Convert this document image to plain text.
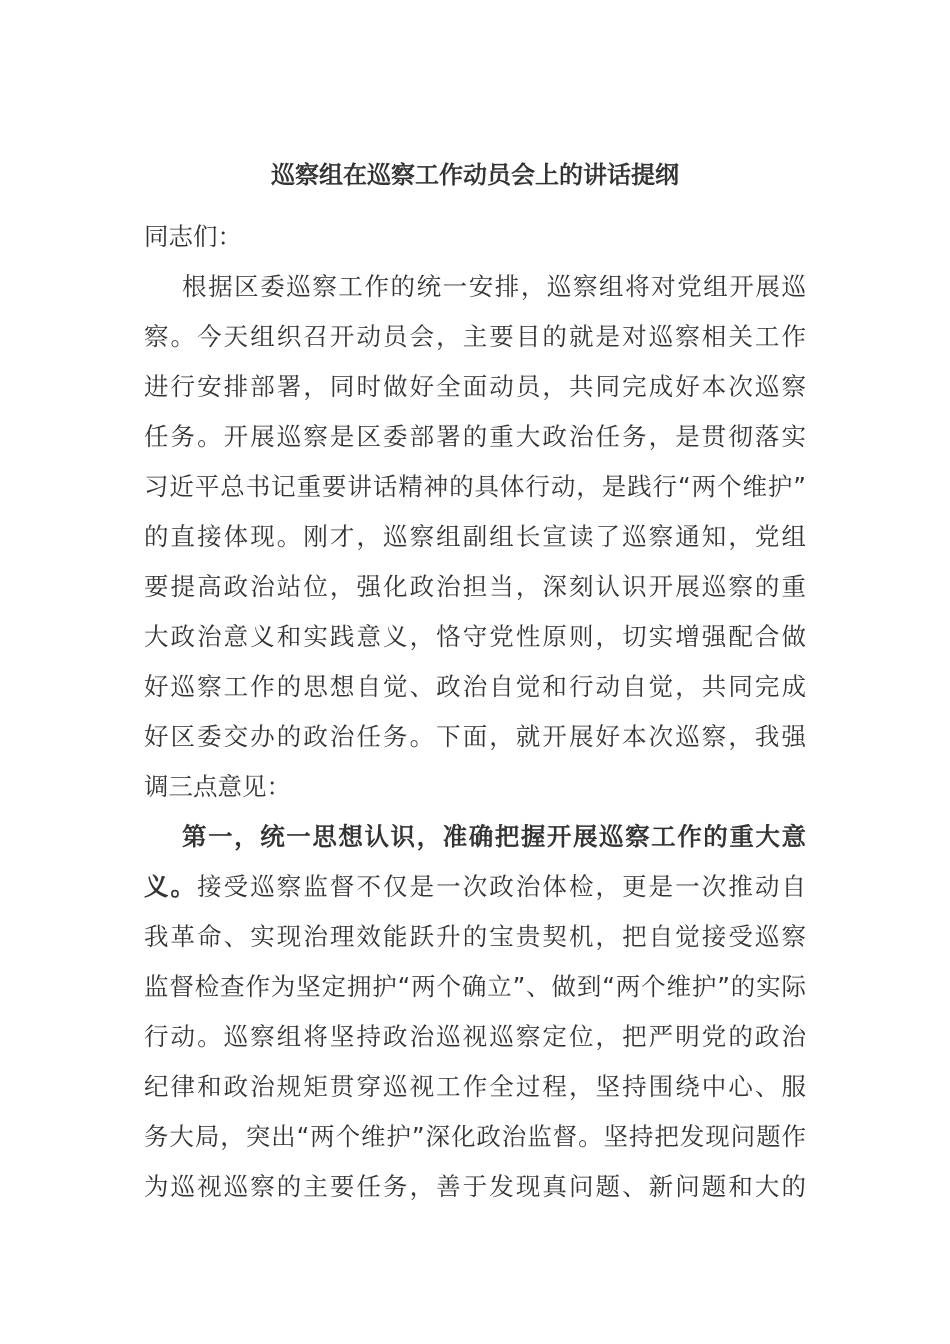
巡察组在巡察工作动员会上的讲话提纲
同志们：
根据区委巡察工作的统一安排，巡察组将对党组开展巡
察。今天组织召开动员会，主要目的就是对巡察相关工作
进行安排部署，同时做好全面动员，共同完成好本次巡察
任务。开展巡察是区委部署的重大政治任务，是贯彻落实
习近平总书记重要讲话精神的具体行动，是践行“两个维护”
的直接体现。刚才，巡察组副组长宣读了巡察通知，党组
要提高政治站位，强化政治担当，深刻认识开展巡察的重
大政治意义和实践意义，恪守党性原则，切实增强配合做
好巡察工作的思想自觉、政治自觉和行动自觉，共同完成
好区委交办的政治任务。下面，就开展好本次巡察，我强
调三点意见：
第一，统一思想认识，准确把握开展巡察工作的重大意
义。接受巡察监督不仅是一次政治体检，更是一次推动自
我革命、实现治理效能跃升的宝贵契机，把自觉接受巡察
监督检查作为坚定拥护“两个确立”、做到“两个维护”的实际
行动。巡察组将坚持政治巡视巡察定位，把严明党的政治
纪律和政治规矩贯穿巡视工作全过程，坚持围绕中心、服
务大局，突出“两个维护”深化政治监督。坚持把发现问题作
为巡视巡察的主要任务，善于发现真问题、新问题和大的
